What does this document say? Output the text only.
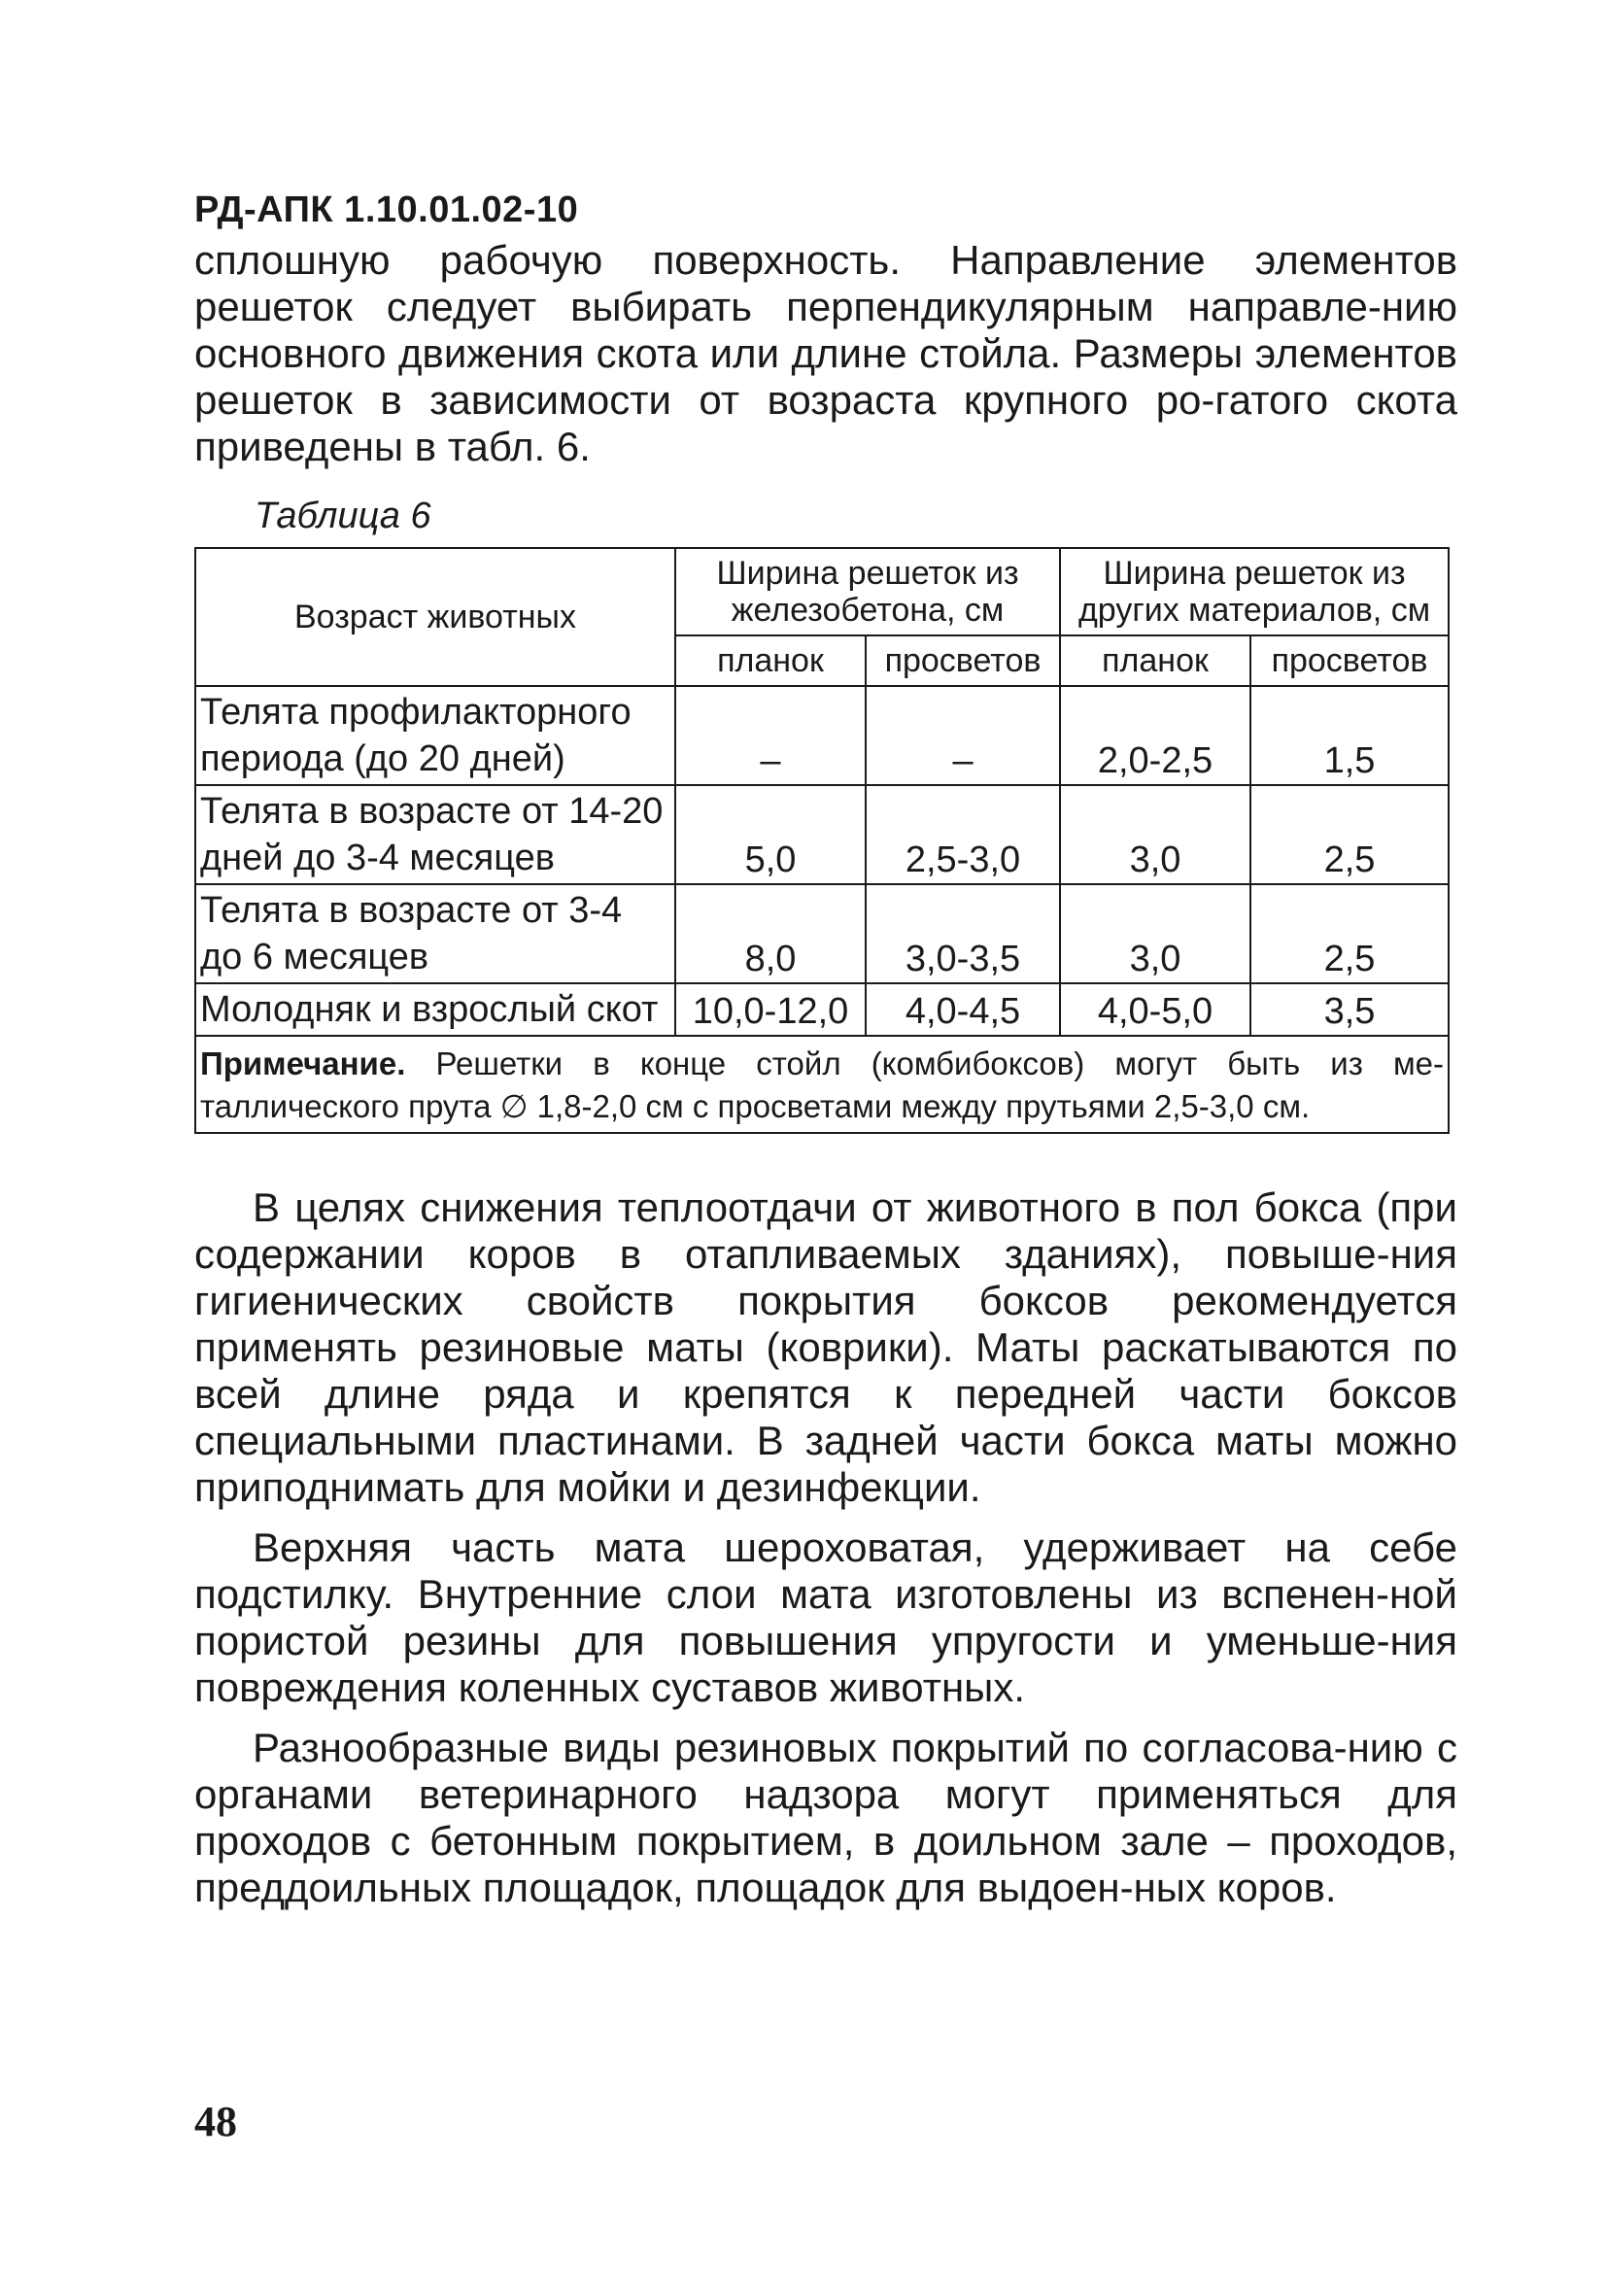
РД-АПК 1.10.01.02-10

сплошную рабочую поверхность. Направление элементов решеток следует выбирать перпендикулярным направле-нию основного движения скота или длине стойла. Размеры элементов решеток в зависимости от возраста крупного ро-гатого скота приведены в табл. 6.

Таблица 6
Возраст животных	Ширина решеток из железобетона, см		Ширина решеток из других материалов, см	
	планок	просветов	планок	просветов
Телята профилакторного периода (до 20 дней)	–	–	2,0-2,5	1,5
Телята в возрасте от 14-20 дней до 3-4 месяцев	5,0	2,5-3,0	3,0	2,5
Телята в возрасте от 3-4 до 6 месяцев	8,0	3,0-3,5	3,0	2,5
Молодняк и взрослый скот	10,0-12,0	4,0-4,5	4,0-5,0	3,5
Примечание. Решетки в конце стойл (комбибоксов) могут быть из ме-таллического прута ∅ 1,8-2,0 см с просветами между прутьями 2,5-3,0 см.				

В целях снижения теплоотдачи от животного в пол бокса (при содержании коров в отапливаемых зданиях), повыше-ния гигиенических свойств покрытия боксов рекомендуется применять резиновые маты (коврики). Маты раскатываются по всей длине ряда и крепятся к передней части боксов специальными пластинами. В задней части бокса маты можно приподнимать для мойки и дезинфекции.

Верхняя часть мата шероховатая, удерживает на себе подстилку. Внутренние слои мата изготовлены из вспенен-ной пористой резины для повышения упругости и уменьше-ния повреждения коленных суставов животных.

Разнообразные виды резиновых покрытий по согласова-нию с органами ветеринарного надзора могут применяться для проходов с бетонным покрытием, в доильном зале – проходов, преддоильных площадок, площадок для выдоен-ных коров.

48
